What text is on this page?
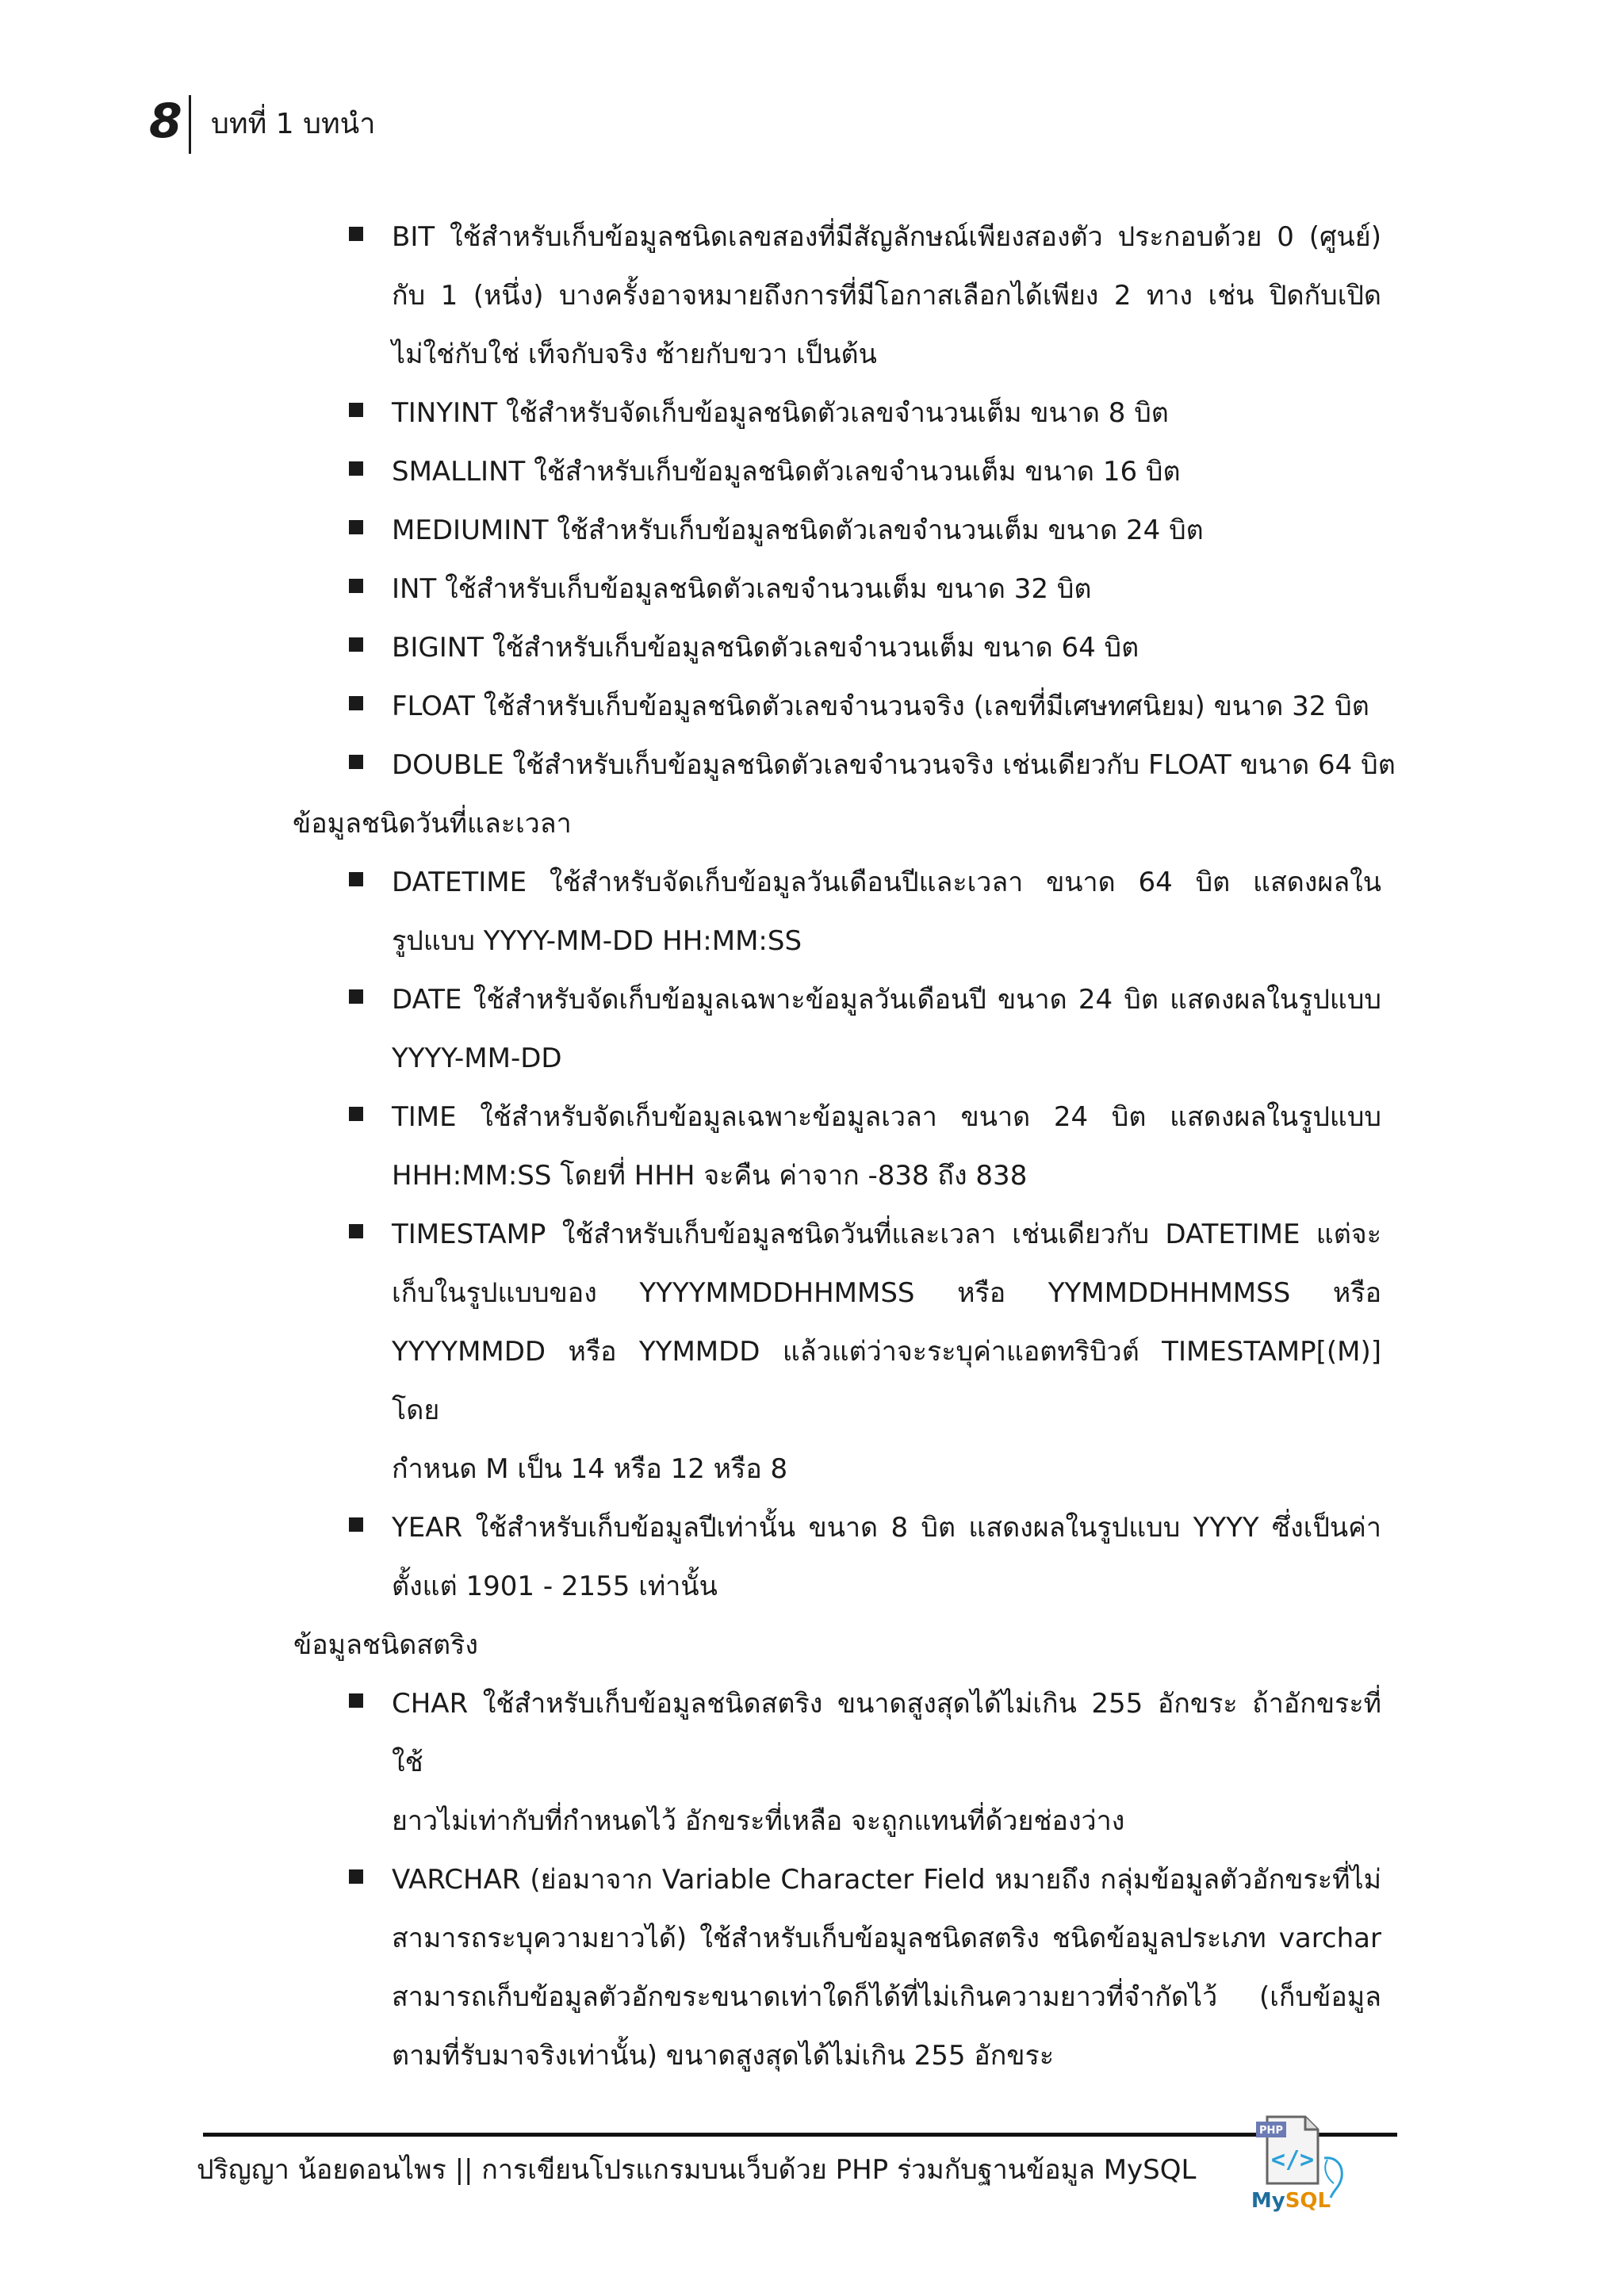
8 บทที่ 1 บทนำ
BIT ใช้สำหรับเก็บข้อมูลชนิดเลขสองที่มีสัญลักษณ์เพียงสองตัว ประกอบด้วย 0 (ศูนย์)
กับ 1 (หนึ่ง) บางครั้งอาจหมายถึงการที่มีโอกาสเลือกได้เพียง 2 ทาง เช่น ปิดกับเปิด
ไม่ใช่กับใช่ เท็จกับจริง ซ้ายกับขวา เป็นต้น
TINYINT ใช้สำหรับจัดเก็บข้อมูลชนิดตัวเลขจำนวนเต็ม ขนาด 8 บิต
SMALLINT ใช้สำหรับเก็บข้อมูลชนิดตัวเลขจำนวนเต็ม ขนาด 16 บิต
MEDIUMINT ใช้สำหรับเก็บข้อมูลชนิดตัวเลขจำนวนเต็ม ขนาด 24 บิต
INT ใช้สำหรับเก็บข้อมูลชนิดตัวเลขจำนวนเต็ม ขนาด 32 บิต
BIGINT ใช้สำหรับเก็บข้อมูลชนิดตัวเลขจำนวนเต็ม ขนาด 64 บิต
FLOAT ใช้สำหรับเก็บข้อมูลชนิดตัวเลขจำนวนจริง (เลขที่มีเศษทศนิยม) ขนาด 32 บิต
DOUBLE ใช้สำหรับเก็บข้อมูลชนิดตัวเลขจำนวนจริง เช่นเดียวกับ FLOAT ขนาด 64 บิต
ข้อมูลชนิดวันที่และเวลา
DATETIME ใช้สำหรับจัดเก็บข้อมูลวันเดือนปีและเวลา ขนาด 64 บิต แสดงผลใน
รูปแบบ YYYY-MM-DD HH:MM:SS
DATE ใช้สำหรับจัดเก็บข้อมูลเฉพาะข้อมูลวันเดือนปี ขนาด 24 บิต แสดงผลในรูปแบบ
YYYY-MM-DD
TIME ใช้สำหรับจัดเก็บข้อมูลเฉพาะข้อมูลเวลา ขนาด 24 บิต แสดงผลในรูปแบบ
HHH:MM:SS โดยที่ HHH จะคืน ค่าจาก -838 ถึง 838
TIMESTAMP ใช้สำหรับเก็บข้อมูลชนิดวันที่และเวลา เช่นเดียวกับ DATETIME แต่จะ
เก็บในรูปแบบของ YYYYMMDDHHMMSS หรือ YYMMDDHHMMSS หรือ
YYYYMMDD หรือ YYMMDD แล้วแต่ว่าจะระบุค่าแอตทริบิวต์ TIMESTAMP[(M)] โดย
กำหนด M เป็น 14 หรือ 12 หรือ 8
YEAR ใช้สำหรับเก็บข้อมูลปีเท่านั้น ขนาด 8 บิต แสดงผลในรูปแบบ YYYY ซึ่งเป็นค่า
ตั้งแต่ 1901 - 2155 เท่านั้น
ข้อมูลชนิดสตริง
CHAR ใช้สำหรับเก็บข้อมูลชนิดสตริง ขนาดสูงสุดได้ไม่เกิน 255 อักขระ ถ้าอักขระที่ใช้
ยาวไม่เท่ากับที่กำหนดไว้ อักขระที่เหลือ จะถูกแทนที่ด้วยช่องว่าง
VARCHAR (ย่อมาจาก Variable Character Field หมายถึง กลุ่มข้อมูลตัวอักขระที่ไม่
สามารถระบุความยาวได้) ใช้สำหรับเก็บข้อมูลชนิดสตริง ชนิดข้อมูลประเภท varchar
สามารถเก็บข้อมูลตัวอักขระขนาดเท่าใดก็ได้ที่ไม่เกินความยาวที่จำกัดไว้ (เก็บข้อมูล
ตามที่รับมาจริงเท่านั้น) ขนาดสูงสุดได้ไม่เกิน 255 อักขระ
ปริญญา น้อยดอนไพร || การเขียนโปรแกรมบนเว็บด้วย PHP ร่วมกับฐานข้อมูล MySQL
PHP
</>
MySQL
